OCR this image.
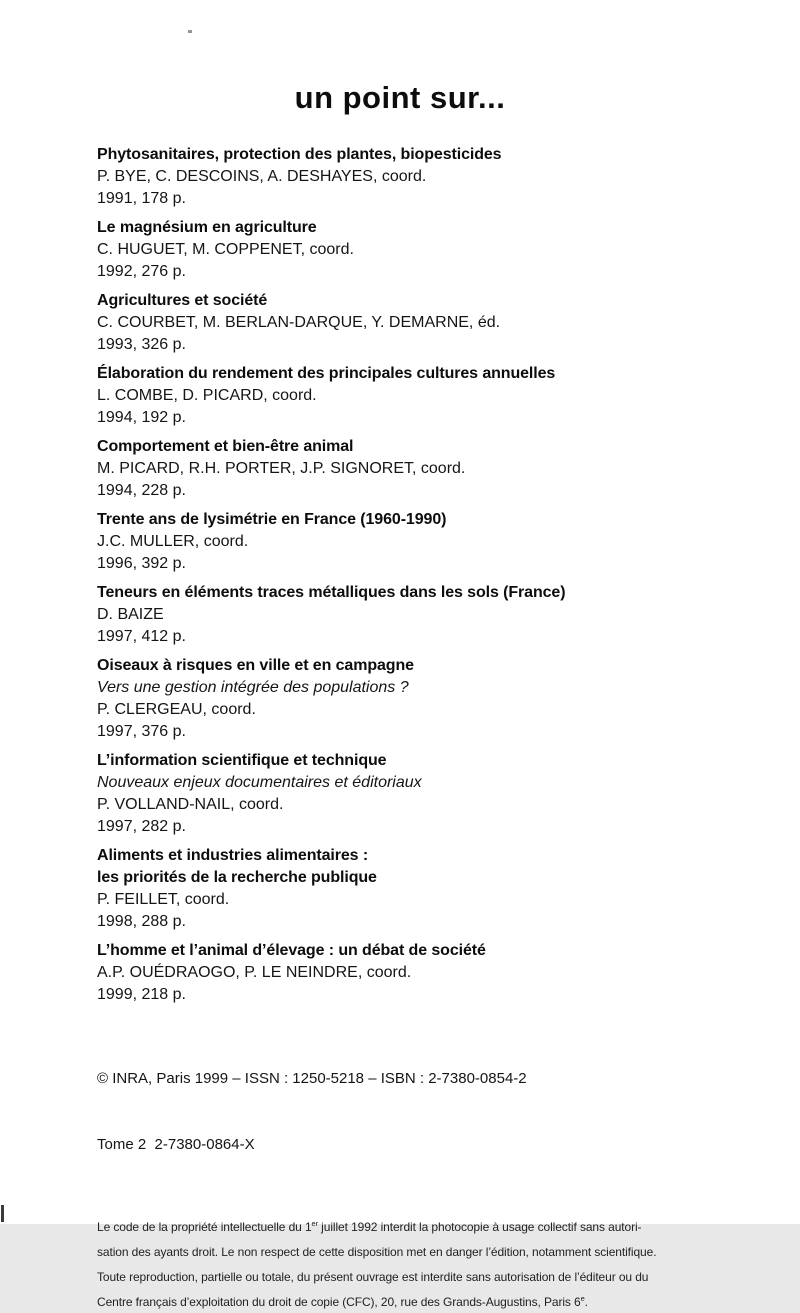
un point sur...
Phytosanitaires, protection des plantes, biopesticides
P. BYE, C. DESCOINS, A. DESHAYES, coord.
1991, 178 p.
Le magnésium en agriculture
C. HUGUET, M. COPPENET, coord.
1992, 276 p.
Agricultures et société
C. COURBET, M. BERLAN-DARQUE, Y. DEMARNE, éd.
1993, 326 p.
Élaboration du rendement des principales cultures annuelles
L. COMBE, D. PICARD, coord.
1994, 192 p.
Comportement et bien-être animal
M. PICARD, R.H. PORTER, J.P. SIGNORET, coord.
1994, 228 p.
Trente ans de lysimétrie en France (1960-1990)
J.C. MULLER, coord.
1996, 392 p.
Teneurs en éléments traces métalliques dans les sols (France)
D. BAIZE
1997, 412 p.
Oiseaux à risques en ville et en campagne
Vers une gestion intégrée des populations ?
P. CLERGEAU, coord.
1997, 376 p.
L’information scientifique et technique
Nouveaux enjeux documentaires et éditoriaux
P. VOLLAND-NAIL, coord.
1997, 282 p.
Aliments et industries alimentaires :
les priorités de la recherche publique
P. FEILLET, coord.
1998, 288 p.
L’homme et l’animal d’élevage : un débat de société
A.P. OUÉDRAOGO, P. LE NEINDRE, coord.
1999, 218 p.

© INRA, Paris 1999 – ISSN : 1250-5218 – ISBN : 2-7380-0854-2

Tome 2  2-7380-0864-X

Le code de la propriété intellectuelle du 1er juillet 1992 interdit la photocopie à usage collectif sans autori-
sation des ayants droit. Le non respect de cette disposition met en danger l’édition, notamment scientifique.
Toute reproduction, partielle ou totale, du présent ouvrage est interdite sans autorisation de l’éditeur ou du
Centre français d’exploitation du droit de copie (CFC), 20, rue des Grands-Augustins, Paris 6e.
